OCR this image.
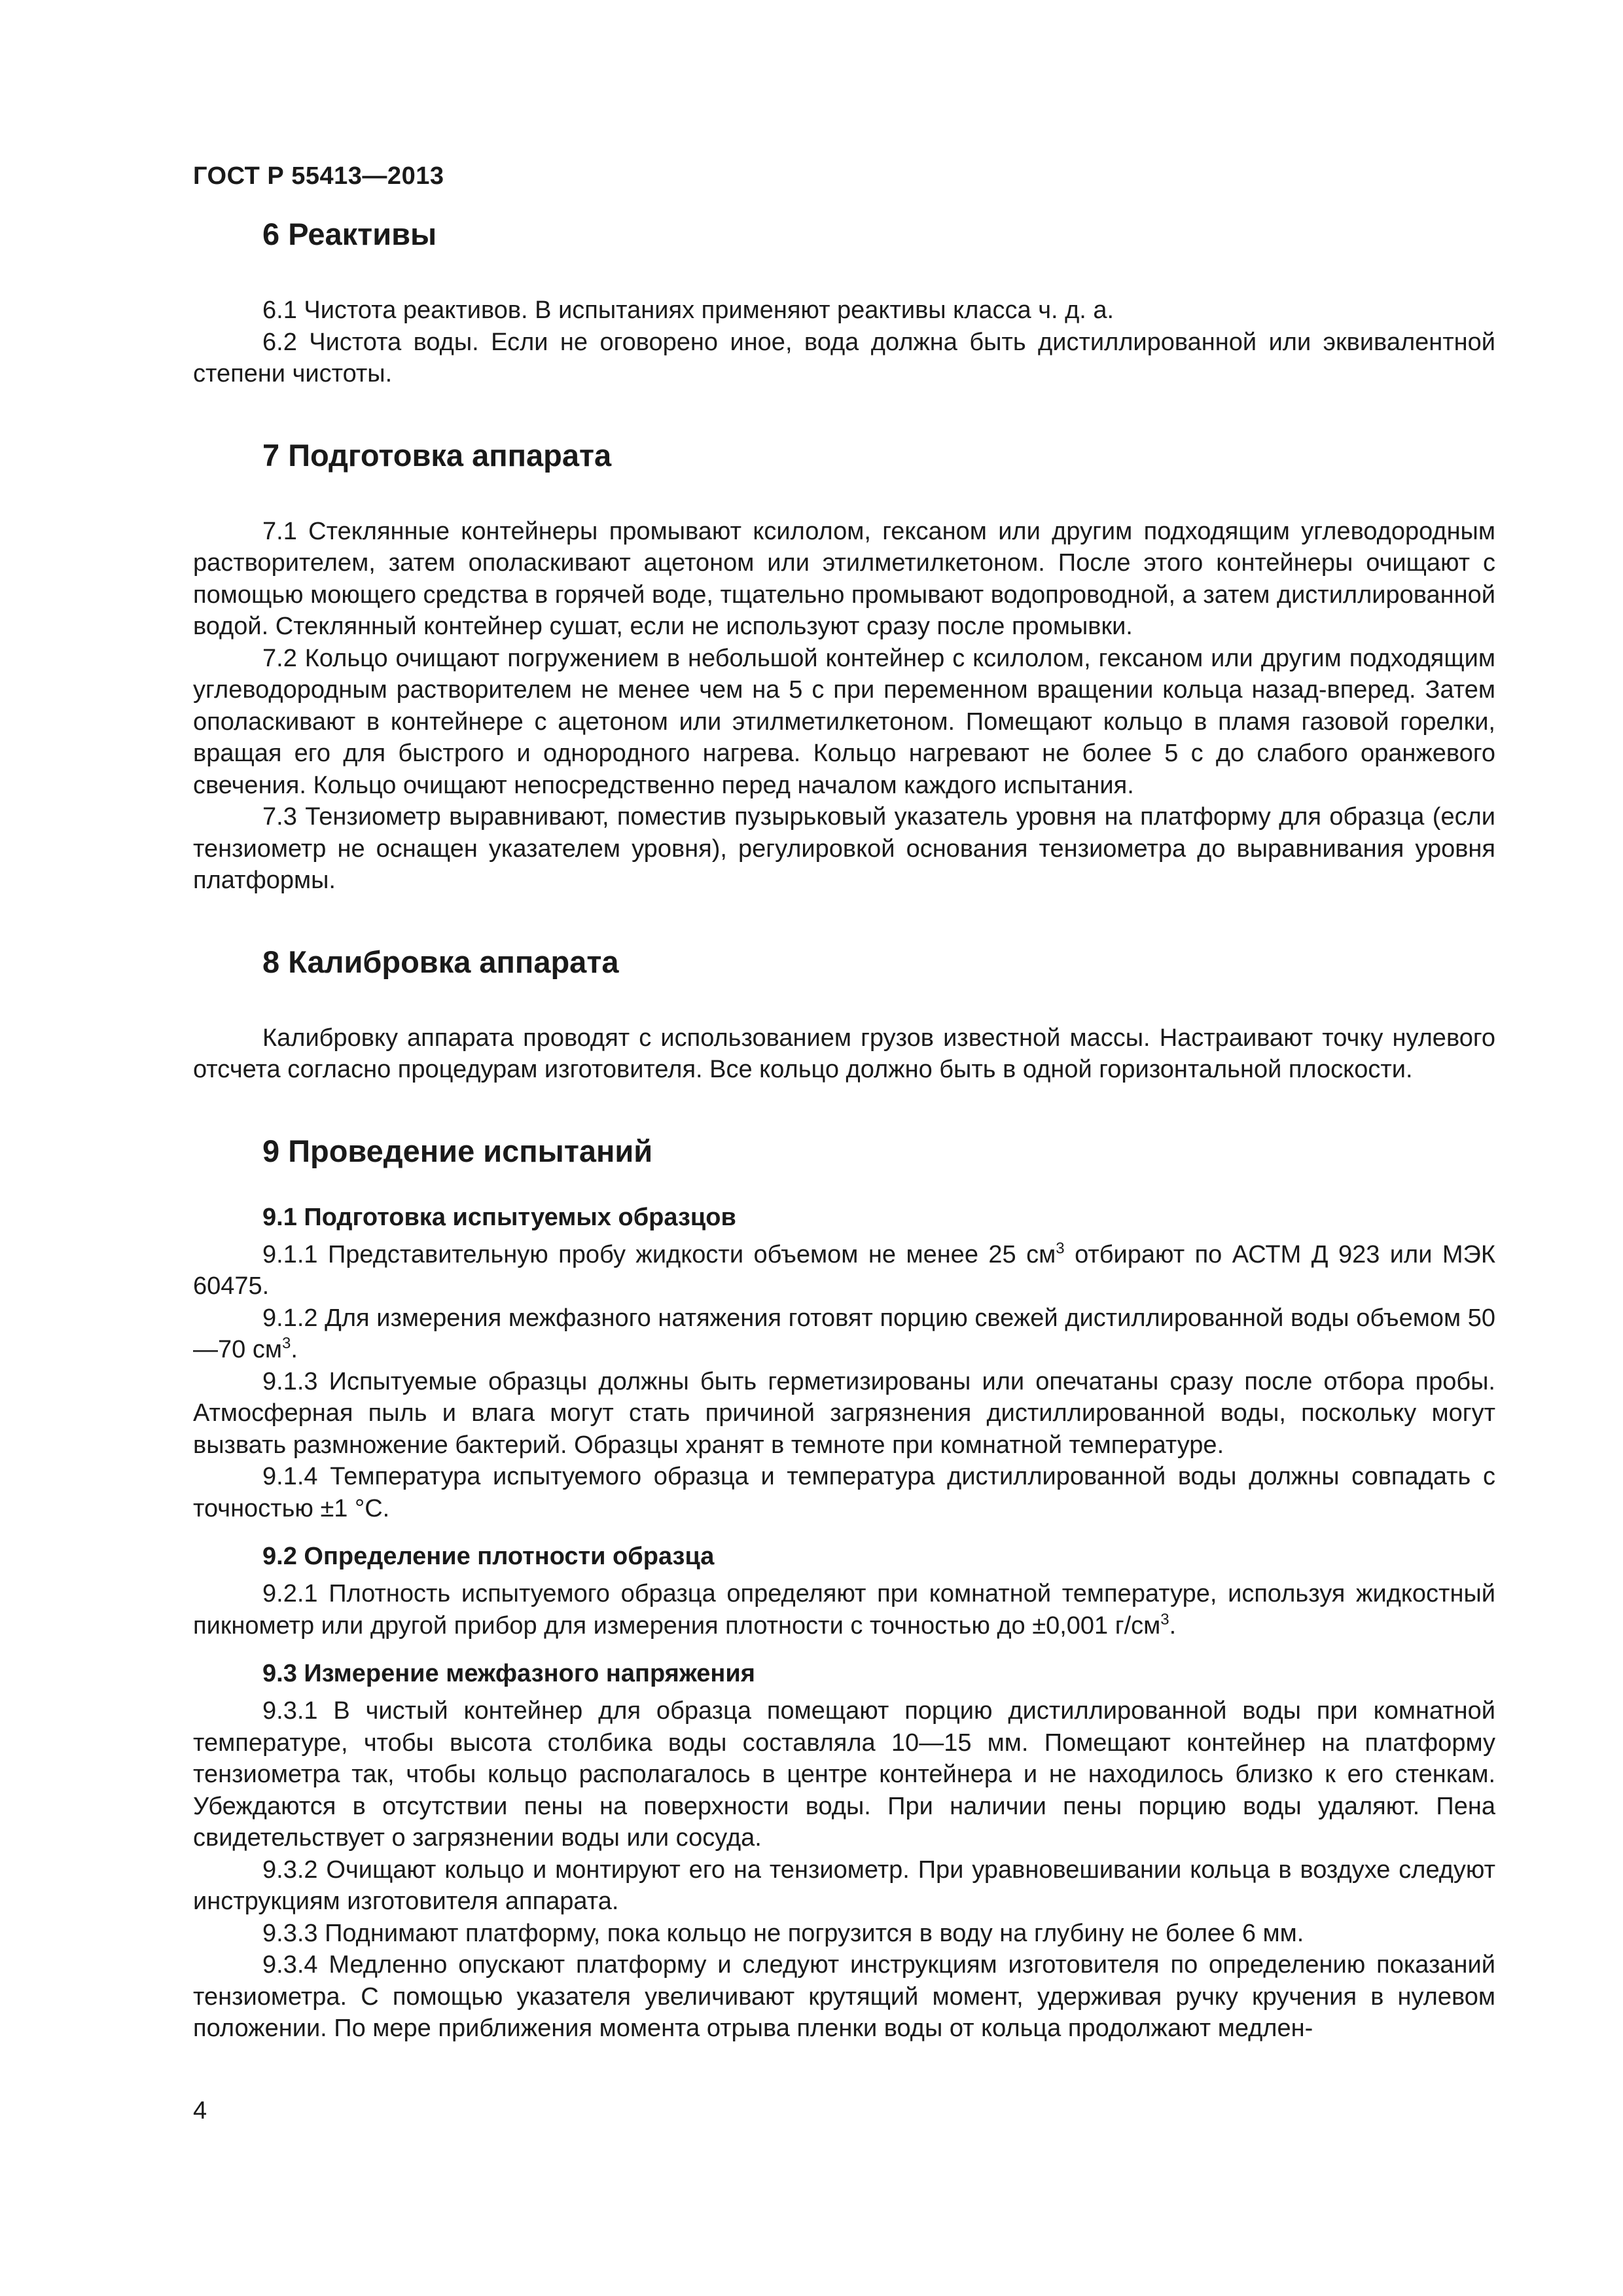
ГОСТ Р 55413—2013
6 Реактивы

6.1 Чистота реактивов. В испытаниях применяют реактивы класса ч. д. а.

6.2 Чистота воды. Если не оговорено иное, вода должна быть дистиллированной или эквивалентной степени чистоты.

7 Подготовка аппарата

7.1 Стеклянные контейнеры промывают ксилолом, гексаном или другим подходящим углеводородным растворителем, затем ополаскивают ацетоном или этилметилкетоном. После этого контейнеры очищают с помощью моющего средства в горячей воде, тщательно промывают водопроводной, а затем дистиллированной водой. Стеклянный контейнер сушат, если не используют сразу после промывки.

7.2 Кольцо очищают погружением в небольшой контейнер с ксилолом, гексаном или другим подходящим углеводородным растворителем не менее чем на 5 с при переменном вращении кольца назад-вперед. Затем ополаскивают в контейнере с ацетоном или этилметилкетоном. Помещают кольцо в пламя газовой горелки, вращая его для быстрого и однородного нагрева. Кольцо нагревают не более 5 с до слабого оранжевого свечения. Кольцо очищают непосредственно перед началом каждого испытания.

7.3 Тензиометр выравнивают, поместив пузырьковый указатель уровня на платформу для образца (если тензиометр не оснащен указателем уровня), регулировкой основания тензиометра до выравнивания уровня платформы.

8 Калибровка аппарата

Калибровку аппарата проводят с использованием грузов известной массы. Настраивают точку нулевого отсчета согласно процедурам изготовителя. Все кольцо должно быть в одной горизонтальной плоскости.

9 Проведение испытаний
9.1 Подготовка испытуемых образцов

9.1.1 Представительную пробу жидкости объемом не менее 25 $см^3$ отбирают по АСТМ Д 923 или МЭК 60475.

9.1.2 Для измерения межфазного натяжения готовят порцию свежей дистиллированной воды объемом 50—70 $см^3$.

9.1.3 Испытуемые образцы должны быть герметизированы или опечатаны сразу после отбора пробы. Атмосферная пыль и влага могут стать причиной загрязнения дистиллированной воды, поскольку могут вызвать размножение бактерий. Образцы хранят в темноте при комнатной температуре.

9.1.4 Температура испытуемого образца и температура дистиллированной воды должны совпадать с точностью ±1 °С.

9.2 Определение плотности образца

9.2.1 Плотность испытуемого образца определяют при комнатной температуре, используя жидкостный пикнометр или другой прибор для измерения плотности с точностью до ±0,001 $г/см^3$.

9.3 Измерение межфазного напряжения

9.3.1 В чистый контейнер для образца помещают порцию дистиллированной воды при комнатной температуре, чтобы высота столбика воды составляла 10—15 мм. Помещают контейнер на платформу тензиометра так, чтобы кольцо располагалось в центре контейнера и не находилось близко к его стенкам. Убеждаются в отсутствии пены на поверхности воды. При наличии пены порцию воды удаляют. Пена свидетельствует о загрязнении воды или сосуда.

9.3.2 Очищают кольцо и монтируют его на тензиометр. При уравновешивании кольца в воздухе следуют инструкциям изготовителя аппарата.

9.3.3 Поднимают платформу, пока кольцо не погрузится в воду на глубину не более 6 мм.

9.3.4 Медленно опускают платформу и следуют инструкциям изготовителя по определению показаний тензиометра. С помощью указателя увеличивают крутящий момент, удерживая ручку кручения в нулевом положении. По мере приближения момента отрыва пленки воды от кольца продолжают медлен-

4
